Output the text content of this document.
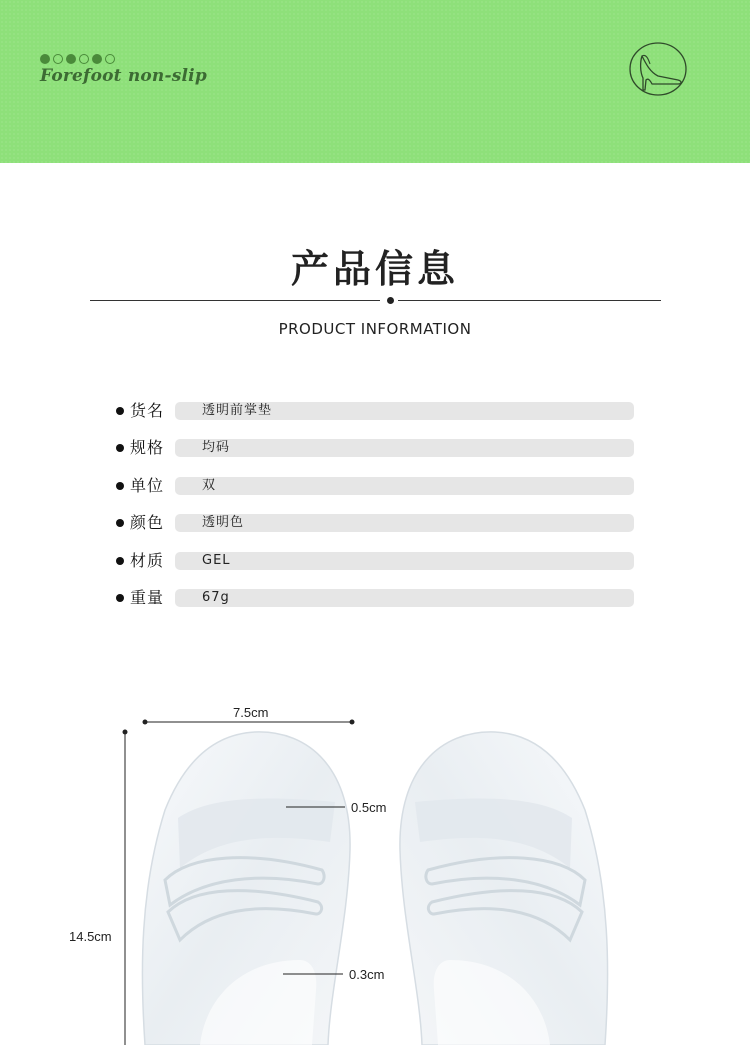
Forefoot non-slip
产品信息
PRODUCT INFORMATION
货名	透明前掌垫
规格	均码
单位	双
颜色	透明色
材质	GEL
重量	67g
7.5cm
14.5cm
0.5cm
0.3cm
